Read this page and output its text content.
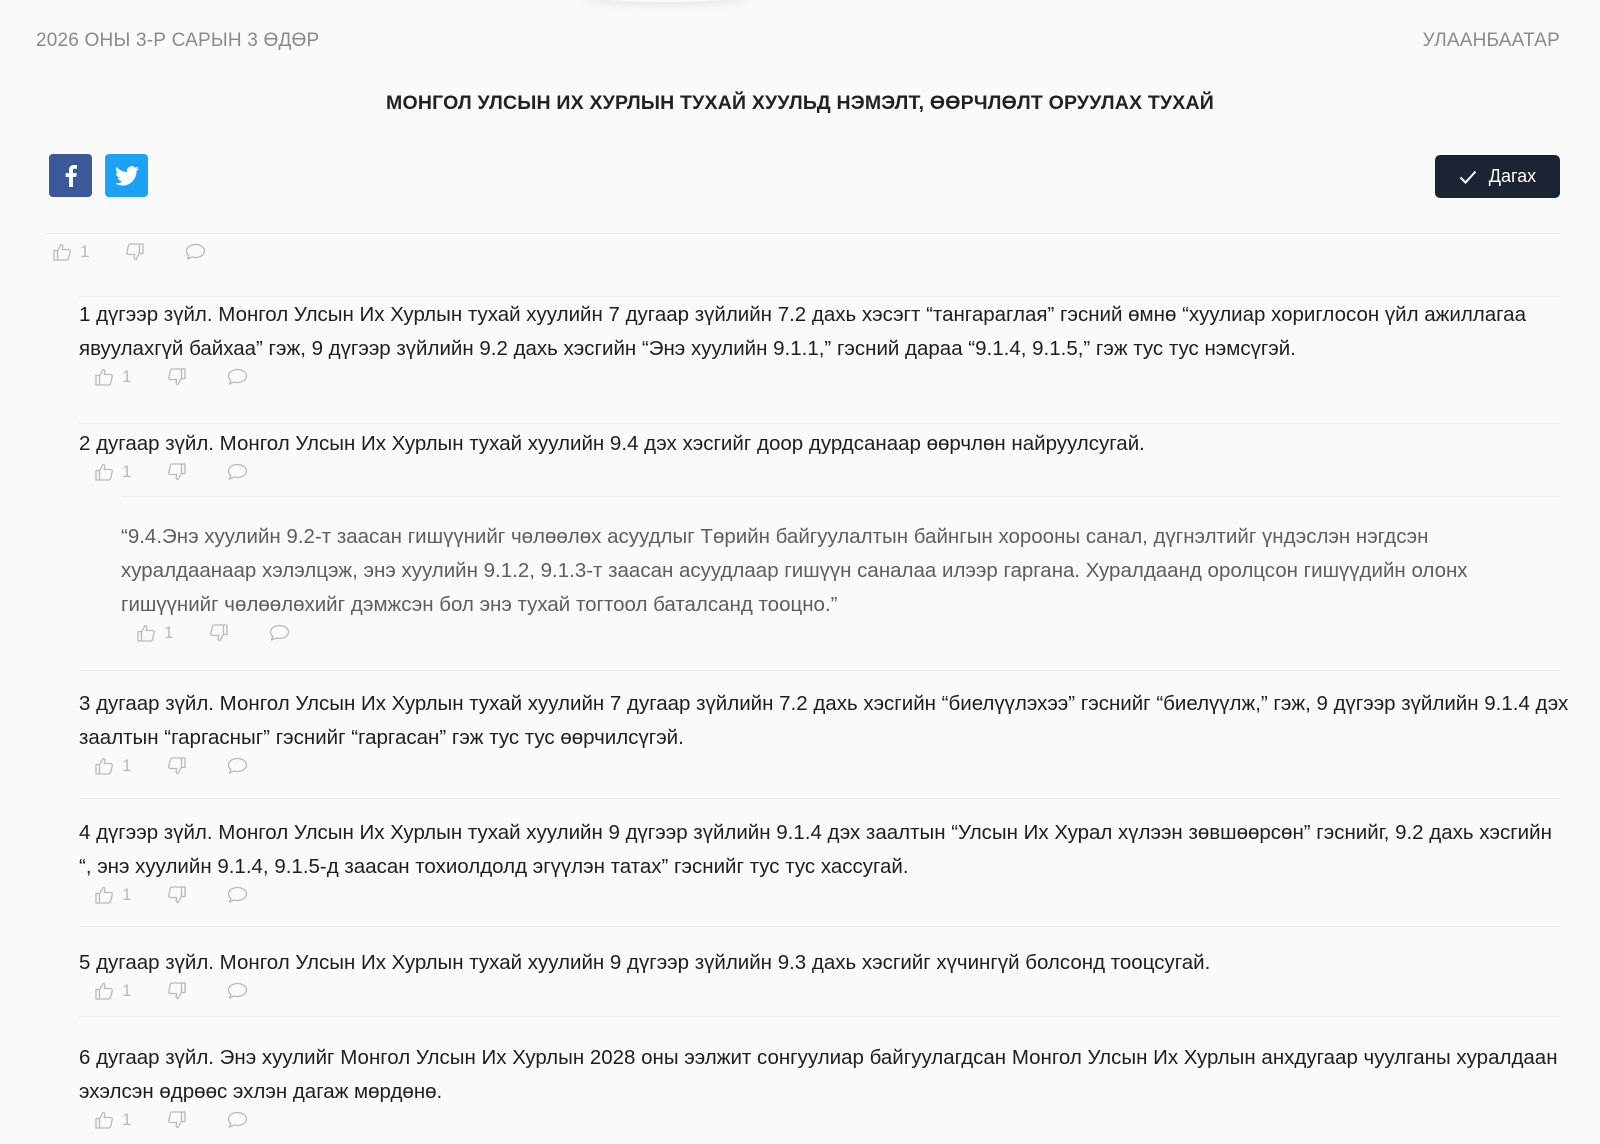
2026 ОНЫ 3-Р САРЫН 3 ӨДӨР	УЛААНБААТАР
МОНГОЛ УЛСЫН ИХ ХУРЛЫН ТУХАЙ ХУУЛЬД НЭМЭЛТ, ӨӨРЧЛӨЛТ ОРУУЛАХ ТУХАЙ
Дагах
1

1 дүгээр зүйл. Монгол Улсын Их Хурлын тухай хуулийн 7 дугаар зүйлийн 7.2 дахь хэсэгт “тангараглая” гэсний өмнө “хуулиар хориглосон үйл ажиллагаа явуулахгүй байхаа” гэж, 9 дүгээр зүйлийн 9.2 дахь хэсгийн “Энэ хуулийн 9.1.1,” гэсний дараа “9.1.4, 9.1.5,” гэж тус тус нэмсүгэй.

1

2 дугаар зүйл. Монгол Улсын Их Хурлын тухай хуулийн 9.4 дэх хэсгийг доор дурдсанаар өөрчлөн найруулсугай.

1

“9.4.Энэ хуулийн 9.2-т заасан гишүүнийг чөлөөлөх асуудлыг Төрийн байгуулалтын байнгын хорооны санал, дүгнэлтийг үндэслэн нэгдсэн хуралдаанаар хэлэлцэж, энэ хуулийн 9.1.2, 9.1.3-т заасан асуудлаар гишүүн саналаа илээр гаргана. Хуралдаанд оролцсон гишүүдийн олонх гишүүнийг чөлөөлөхийг дэмжсэн бол энэ тухай тогтоол баталсанд тооцно.”

1

3 дугаар зүйл. Монгол Улсын Их Хурлын тухай хуулийн 7 дугаар зүйлийн 7.2 дахь хэсгийн “биелүүлэхээ” гэснийг “биелүүлж,” гэж, 9 дүгээр зүйлийн 9.1.4 дэх заалтын “гаргасныг” гэснийг “гаргасан” гэж тус тус өөрчилсүгэй.

1

4 дүгээр зүйл. Монгол Улсын Их Хурлын тухай хуулийн 9 дүгээр зүйлийн 9.1.4 дэх заалтын “Улсын Их Хурал хүлээн зөвшөөрсөн” гэснийг, 9.2 дахь хэсгийн “, энэ хуулийн 9.1.4, 9.1.5-д заасан тохиолдолд эгүүлэн татах” гэснийг тус тус хассугай.

1

5 дугаар зүйл. Монгол Улсын Их Хурлын тухай хуулийн 9 дүгээр зүйлийн 9.3 дахь хэсгийг хүчингүй болсонд тооцсугай.

1

6 дугаар зүйл. Энэ хуулийг Монгол Улсын Их Хурлын 2028 оны ээлжит сонгуулиар байгуулагдсан Монгол Улсын Их Хурлын анхдугаар чуулганы хуралдаан эхэлсэн өдрөөс эхлэн дагаж мөрдөнө.

1
